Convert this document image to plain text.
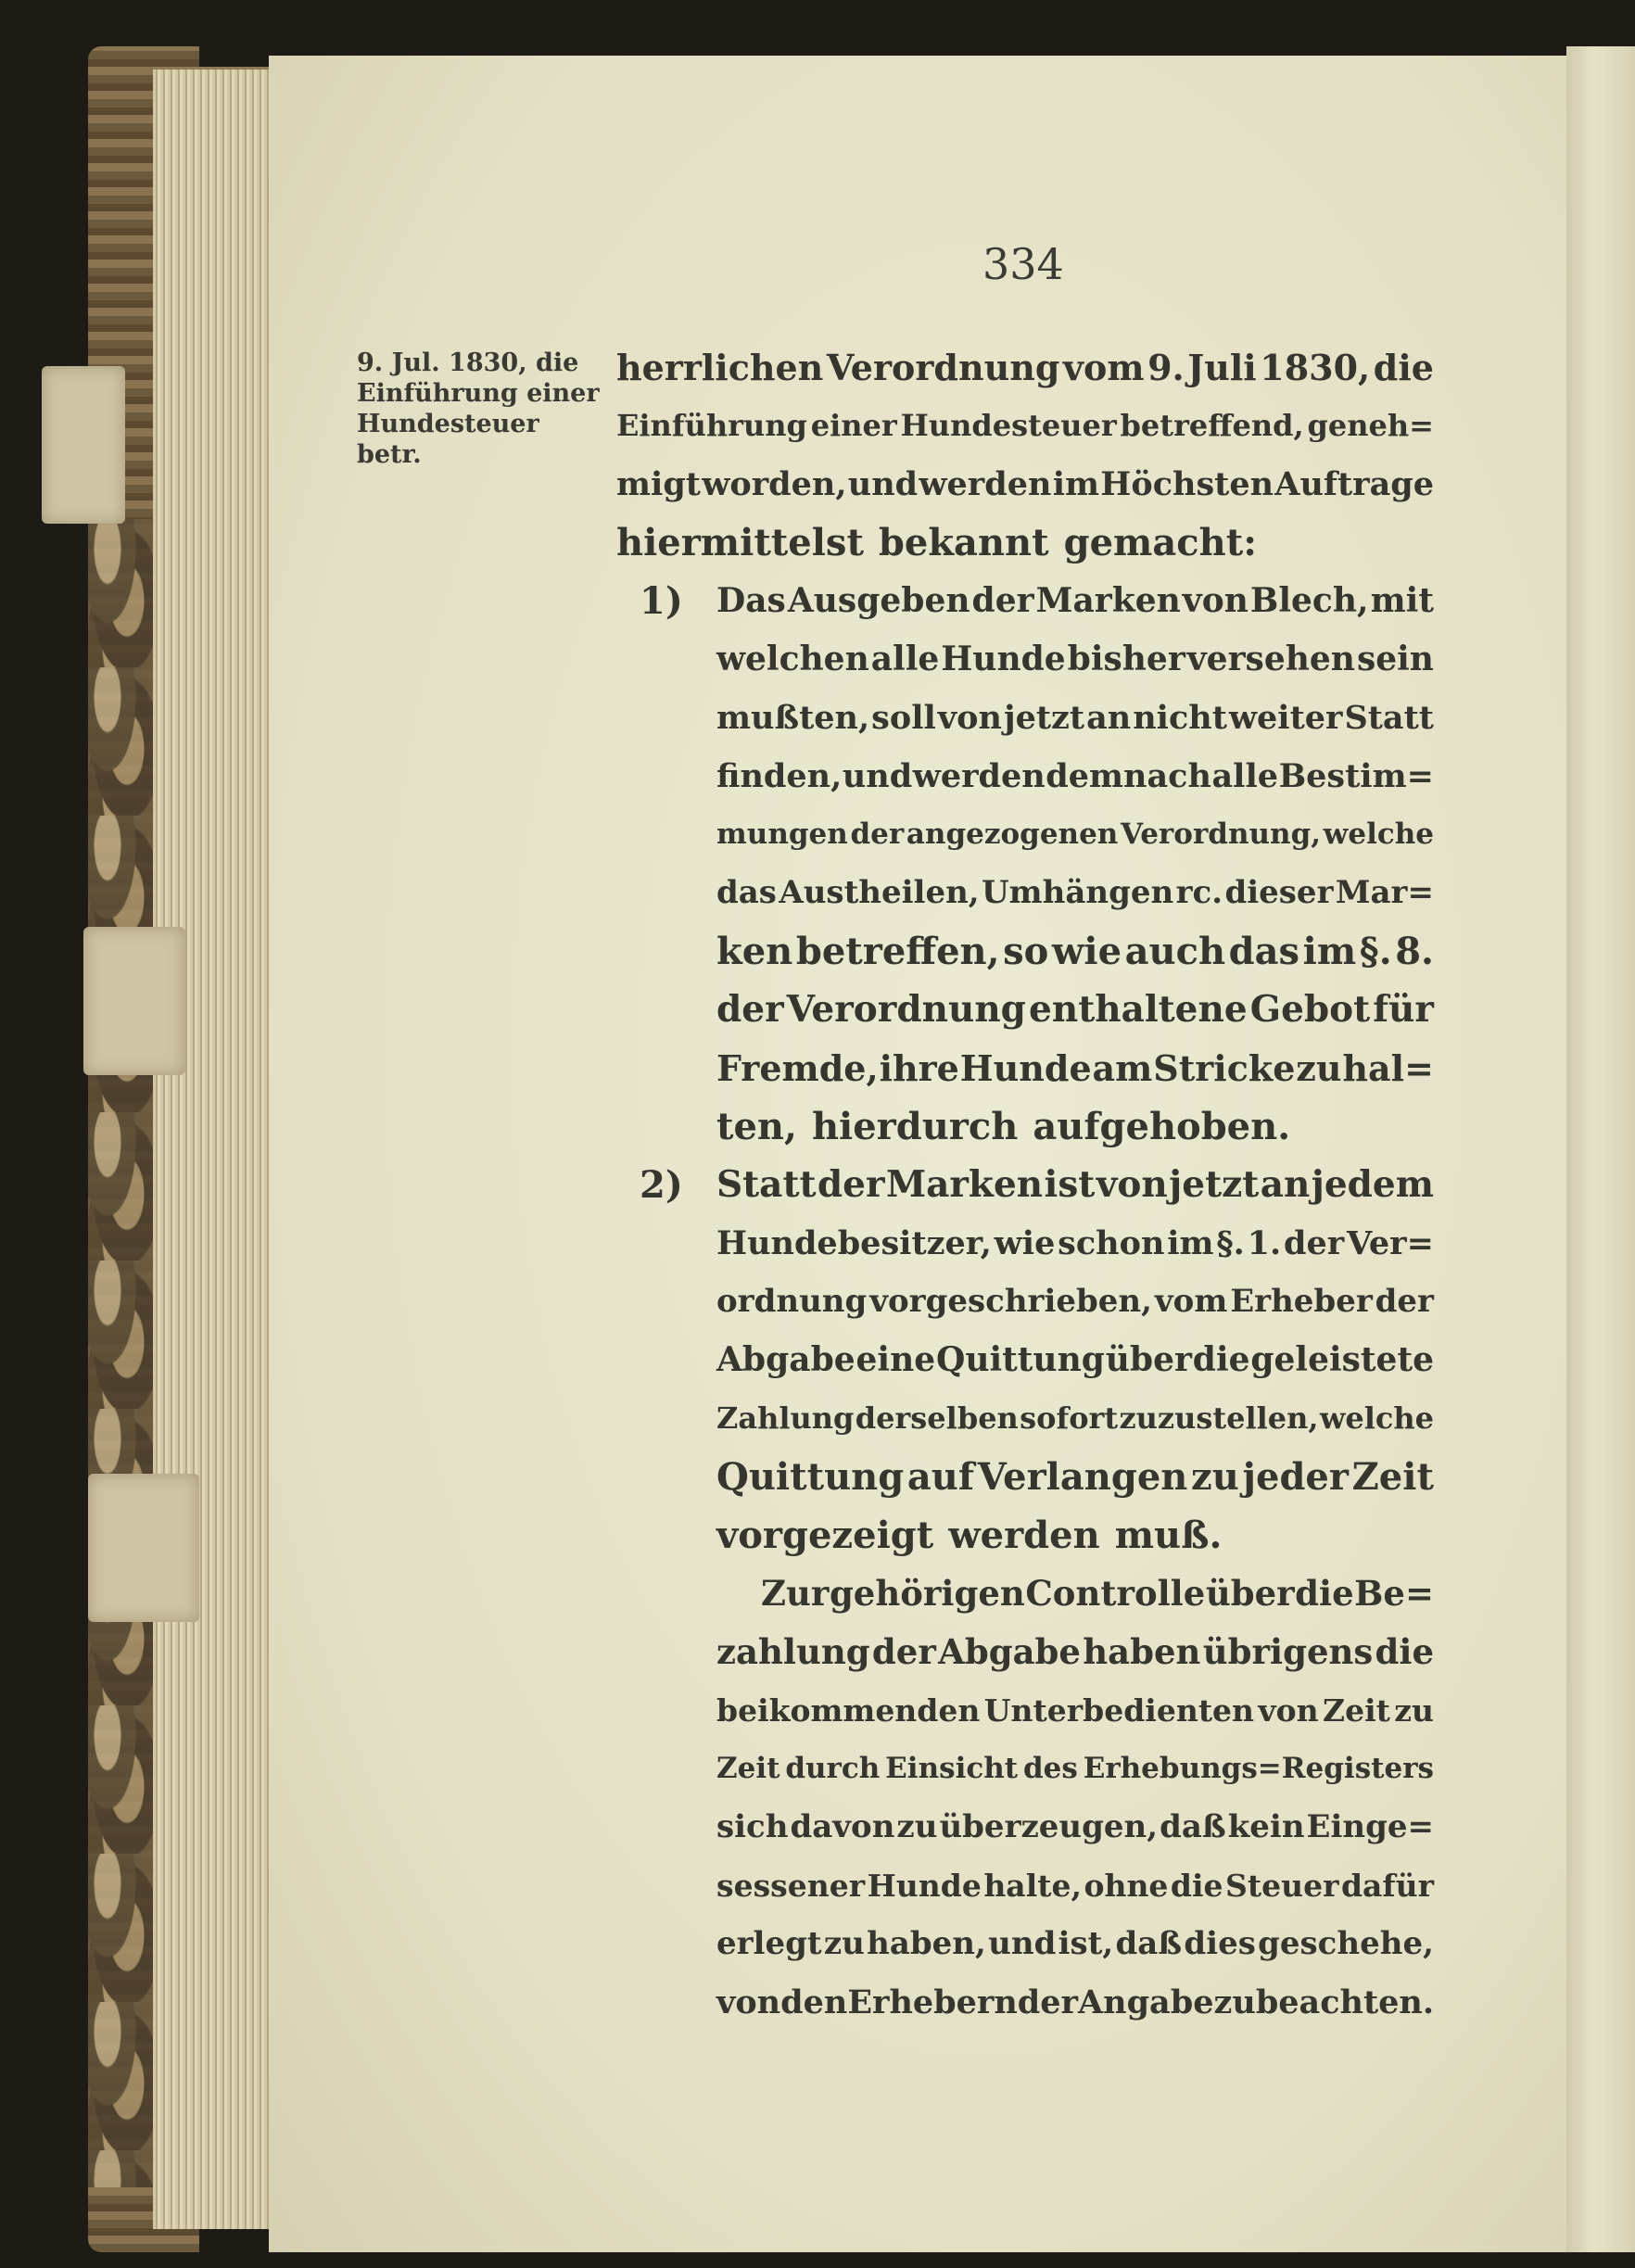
334
9. Jul. 1830, die
Einführung einer
Hundesteuer
betr.
herrlichen Verordnung vom 9. Juli 1830, die
Einführung einer Hundesteuer betreffend, geneh=
migt worden, und werden im Höchsten Auftrage
hiermittelst bekannt gemacht:
1) Das Ausgeben der Marken von Blech, mit
welchen alle Hunde bisher versehen sein
mußten, soll von jetzt an nicht weiter Statt
finden, und werden demnach alle Bestim=
mungen der angezogenen Verordnung, welche
das Austheilen, Umhängen rc. dieser Mar=
ken betreffen, so wie auch das im §. 8.
der Verordnung enthaltene Gebot für
Fremde, ihre Hunde am Stricke zu hal=
ten, hierdurch aufgehoben.
2) Statt der Marken ist von jetzt an jedem
Hundebesitzer, wie schon im §. 1. der Ver=
ordnung vorgeschrieben, vom Erheber der
Abgabe eine Quittung über die geleistete
Zahlung derselben sofort zuzustellen, welche
Quittung auf Verlangen zu jeder Zeit
vorgezeigt werden muß.
Zur gehörigen Controlle über die Be=
zahlung der Abgabe haben übrigens die
beikommenden Unterbedienten von Zeit zu
Zeit durch Einsicht des Erhebungs=Registers
sich davon zu überzeugen, daß kein Einge=
sessener Hunde halte, ohne die Steuer dafür
erlegt zu haben, und ist, daß dies geschehe,
von den Erhebern der Angabe zu beachten.
